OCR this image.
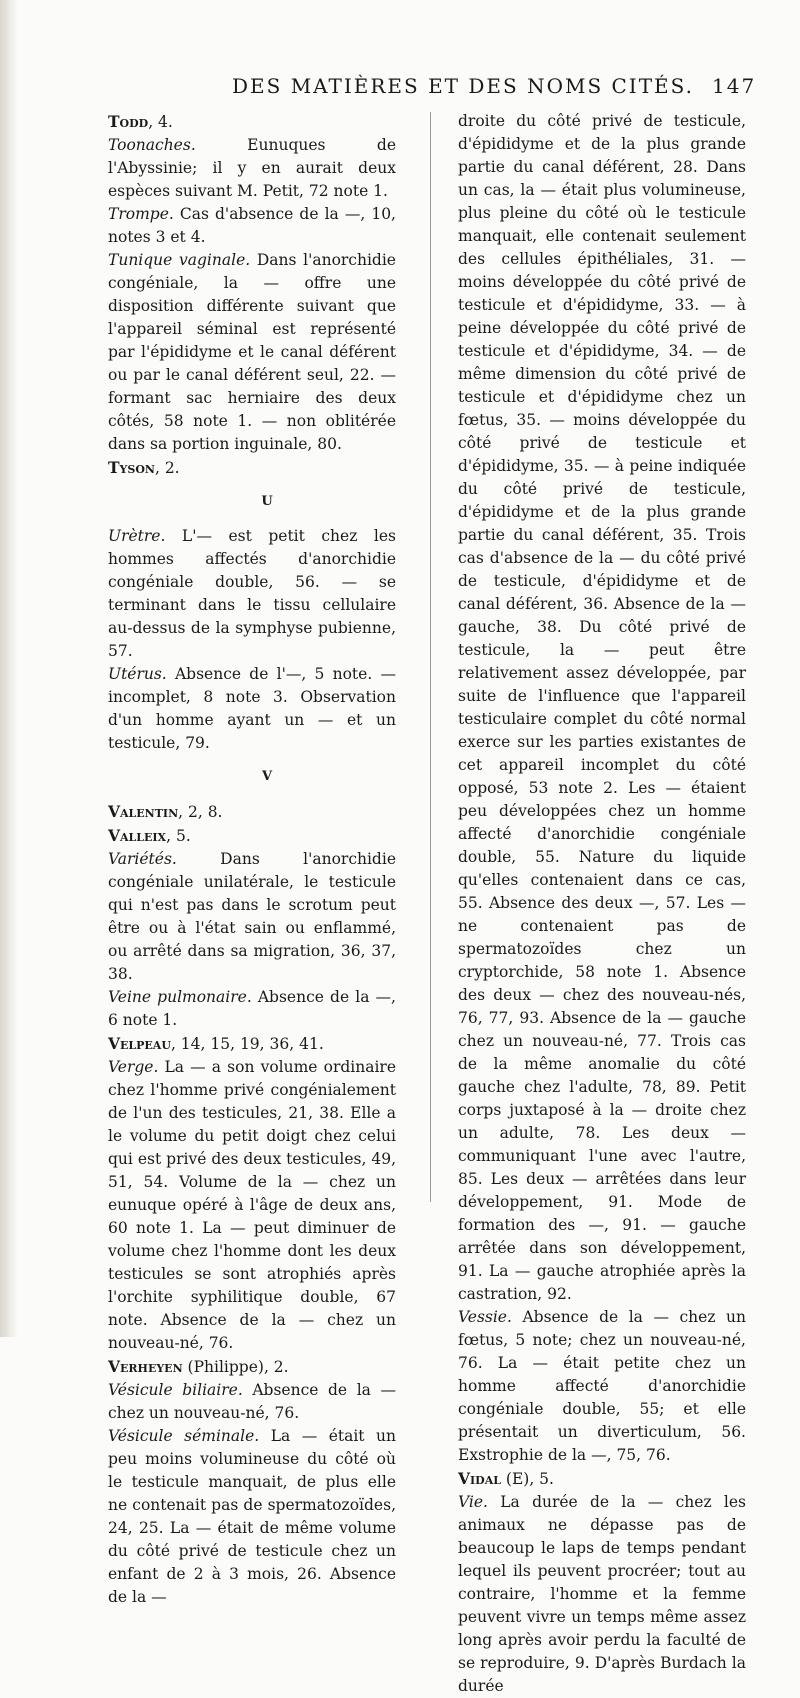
DES MATIÈRES ET DES NOMS CITÉS. 147

Todd, 4.

Toonaches. Eunuques de l'Abyssinie; il y en aurait deux espèces suivant M. Petit, 72 note 1.

Trompe. Cas d'absence de la —, 10, notes 3 et 4.

Tunique vaginale. Dans l'anorchidie congéniale, la — offre une disposition différente suivant que l'appareil séminal est représenté par l'épididyme et le canal déférent ou par le canal déférent seul, 22. — formant sac herniaire des deux côtés, 58 note 1. — non oblitérée dans sa portion inguinale, 80.

Tyson, 2.

U

Urètre. L'— est petit chez les hommes affectés d'anorchidie congéniale double, 56. — se terminant dans le tissu cellulaire au-dessus de la symphyse pubienne, 57.

Utérus. Absence de l'—, 5 note. — incomplet, 8 note 3. Observation d'un homme ayant un — et un testicule, 79.

V

Valentin, 2, 8.

Valleix, 5.

Variétés. Dans l'anorchidie congéniale unilatérale, le testicule qui n'est pas dans le scrotum peut être ou à l'état sain ou enflammé, ou arrêté dans sa migration, 36, 37, 38.

Veine pulmonaire. Absence de la —, 6 note 1.

Velpeau, 14, 15, 19, 36, 41.

Verge. La — a son volume ordinaire chez l'homme privé congénialement de l'un des testicules, 21, 38. Elle a le volume du petit doigt chez celui qui est privé des deux testicules, 49, 51, 54. Volume de la — chez un eunuque opéré à l'âge de deux ans, 60 note 1. La — peut diminuer de volume chez l'homme dont les deux testicules se sont atrophiés après l'orchite syphilitique double, 67 note. Absence de la — chez un nouveau-né, 76.

Verheyen (Philippe), 2.

Vésicule biliaire. Absence de la — chez un nouveau-né, 76.

Vésicule séminale. La — était un peu moins volumineuse du côté où le testicule manquait, de plus elle ne contenait pas de spermatozoïdes, 24, 25. La — était de même volume du côté privé de testicule chez un enfant de 2 à 3 mois, 26. Absence de la —

droite du côté privé de testicule, d'épididyme et de la plus grande partie du canal déférent, 28. Dans un cas, la — était plus volumineuse, plus pleine du côté où le testicule manquait, elle contenait seulement des cellules épithéliales, 31. — moins développée du côté privé de testicule et d'épididyme, 33. — à peine développée du côté privé de testicule et d'épididyme, 34. — de même dimension du côté privé de testicule et d'épididyme chez un fœtus, 35. — moins développée du côté privé de testicule et d'épididyme, 35. — à peine indiquée du côté privé de testicule, d'épididyme et de la plus grande partie du canal déférent, 35. Trois cas d'absence de la — du côté privé de testicule, d'épididyme et de canal déférent, 36. Absence de la — gauche, 38. Du côté privé de testicule, la — peut être relativement assez développée, par suite de l'influence que l'appareil testiculaire complet du côté normal exerce sur les parties existantes de cet appareil incomplet du côté opposé, 53 note 2. Les — étaient peu développées chez un homme affecté d'anorchidie congéniale double, 55. Nature du liquide qu'elles contenaient dans ce cas, 55. Absence des deux —, 57. Les — ne contenaient pas de spermatozoïdes chez un cryptorchide, 58 note 1. Absence des deux — chez des nouveau-nés, 76, 77, 93. Absence de la — gauche chez un nouveau-né, 77. Trois cas de la même anomalie du côté gauche chez l'adulte, 78, 89. Petit corps juxtaposé à la — droite chez un adulte, 78. Les deux — communiquant l'une avec l'autre, 85. Les deux — arrêtées dans leur développement, 91. Mode de formation des —, 91. — gauche arrêtée dans son développement, 91. La — gauche atrophiée après la castration, 92.

Vessie. Absence de la — chez un fœtus, 5 note; chez un nouveau-né, 76. La — était petite chez un homme affecté d'anorchidie congéniale double, 55; et elle présentait un diverticulum, 56. Exstrophie de la —, 75, 76.

Vidal (E), 5.

Vie. La durée de la — chez les animaux ne dépasse pas de beaucoup le laps de temps pendant lequel ils peuvent procréer; tout au contraire, l'homme et la femme peuvent vivre un temps même assez long après avoir perdu la faculté de se reproduire, 9. D'après Burdach la durée
